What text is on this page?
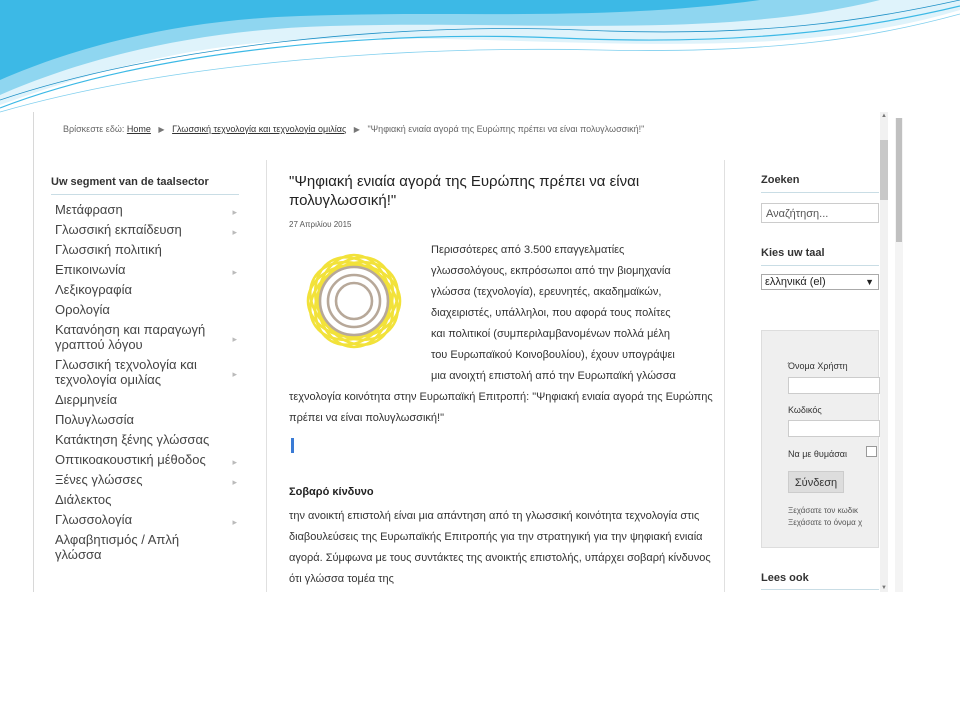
Βρίσκεστε εδώ: Home ▶ Γλωσσική τεχνολογία και τεχνολογία ομιλίας ▶ "Ψηφιακή ενιαία αγορά της Ευρώπης πρέπει να είναι πολυγλωσσική!"
Uw segment van de taalsector
Μετάφραση	▸
Γλωσσική εκπαίδευση	▸
Γλωσσική πολιτική
Επικοινωνία	▸
Λεξικογραφία
Ορολογία
Κατανόηση και παραγωγή γραπτού λόγου	▸
Γλωσσική τεχνολογία και τεχνολογία ομιλίας	▸
Διερμηνεία
Πολυγλωσσία
Κατάκτηση ξένης γλώσσας
Οπτικοακουστική μέθοδος	▸
Ξένες γλώσσες	▸
Διάλεκτος
Γλωσσολογία	▸
Αλφαβητισμός / Απλή γλώσσα
"Ψηφιακή ενιαία αγορά της Ευρώπης πρέπει να είναι πολυγλωσσική!"
27 Απριλίου 2015
Περισσότερες από 3.500 επαγγελματίες
γλωσσολόγους, εκπρόσωποι από την βιομηχανία
γλώσσα (τεχνολογία), ερευνητές, ακαδημαϊκών,
διαχειριστές, υπάλληλοι, που αφορά τους πολίτες
και πολιτικοί (συμπεριλαμβανομένων πολλά μέλη
του Ευρωπαϊκού Κοινοβουλίου), έχουν υπογράψει
μια ανοιχτή επιστολή από την Ευρωπαϊκή γλώσσα
τεχνολογία κοινότητα στην Ευρωπαϊκή Επιτροπή: "Ψηφιακή ενιαία αγορά της Ευρώπης πρέπει να είναι πολυγλωσσική!"
Σοβαρό κίνδυνο
την ανοικτή επιστολή είναι μια απάντηση από τη γλωσσική κοινότητα τεχνολογία στις διαβουλεύσεις της Ευρωπαϊκής Επιτροπής για την στρατηγική για την ψηφιακή ενιαία αγορά. Σύμφωνα με τους συντάκτες της ανοικτής επιστολής, υπάρχει σοβαρή κίνδυνος ότι γλώσσα τομέα της
Zoeken
Αναζήτηση...
Kies uw taal
ελληνικά (el)	▼
Όνομα Χρήστη
Κωδικός
Να με θυμάσαι
Σύνδεση
Ξεχάσατε τον κωδικ
Ξεχάσατε το όνομα χ
Lees ook
▲
▼
